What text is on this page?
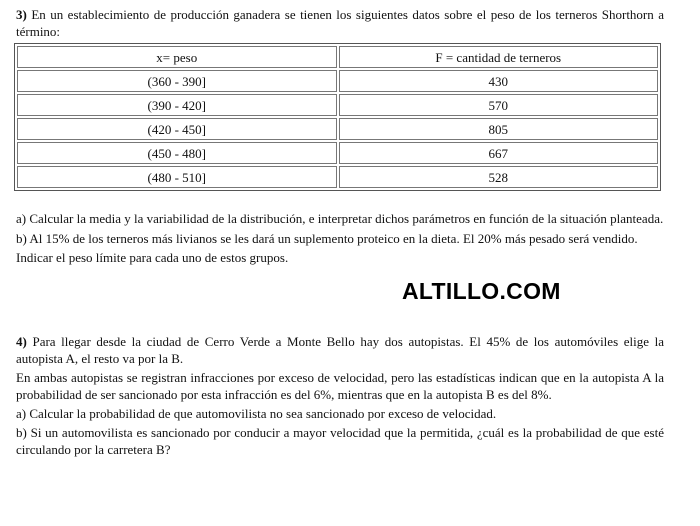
3) En un establecimiento de producción ganadera se tienen los siguientes datos sobre el peso de los terneros Shorthorn a término:

x= peso	F = cantidad de terneros
(360 - 390]	430
(390 - 420]	570
(420 - 450]	805
(450 - 480]	667
(480 - 510]	528

a) Calcular la media y la variabilidad de la distribución, e interpretar dichos parámetros en función de la situación planteada.

b) Al 15% de los terneros más livianos se les dará un suplemento proteico en la dieta. El 20% más pesado será vendido.

Indicar el peso límite para cada uno de estos grupos.

ALTILLO.COM

4) Para llegar desde la ciudad de Cerro Verde a Monte Bello hay dos autopistas. El 45% de los automóviles elige la autopista A, el resto va por la B.

En ambas autopistas se registran infracciones por exceso de velocidad, pero las estadísticas indican que en la autopista A la probabilidad de ser sancionado por esta infracción es del 6%, mientras que en la autopista B es del 8%.

a) Calcular la probabilidad de que automovilista no sea sancionado por exceso de velocidad.

b) Si un automovilista es sancionado por conducir a mayor velocidad que la permitida, ¿cuál es la probabilidad de que esté circulando por la carretera B?
